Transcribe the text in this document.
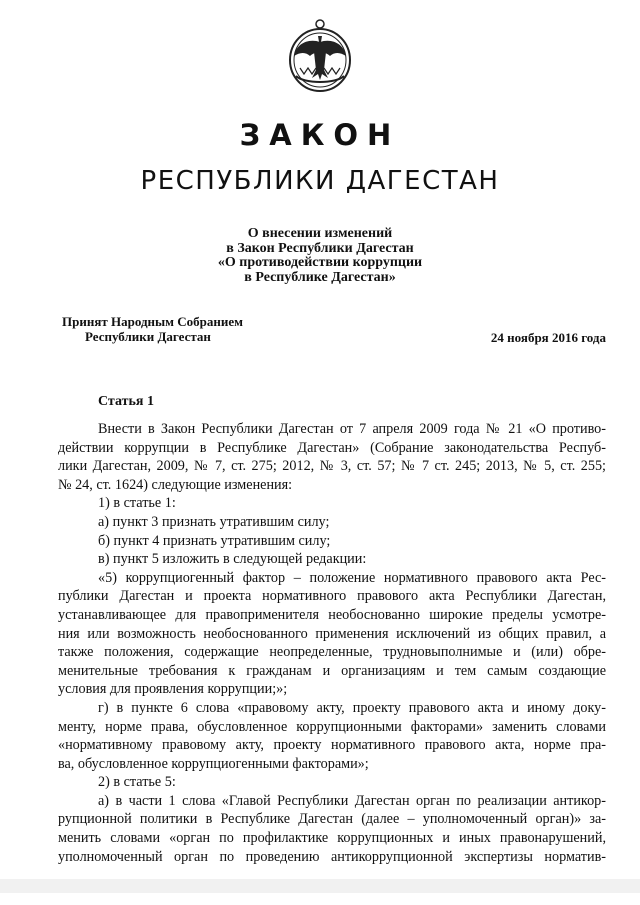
ЗАКОН
РЕСПУБЛИКИ ДАГЕСТАН
О внесении изменений
в Закон Республики Дагестан
«О противодействии коррупции
в Республике Дагестан»
Принят Народным Собранием
Республики Дагестан	24 ноября 2016 года
Статья 1

Внести в Закон Республики Дагестан от 7 апреля 2009 года № 21 «О противо-

действии коррупции в Республике Дагестан» (Собрание законодательства Респуб-

лики Дагестан, 2009, № 7, ст. 275; 2012, № 3, ст. 57; № 7 ст. 245; 2013, № 5, ст. 255;

№ 24, ст. 1624) следующие изменения:

1) в статье 1:

а) пункт 3 признать утратившим силу;

б) пункт 4 признать утратившим силу;

в) пункт 5 изложить в следующей редакции:

«5) коррупциогенный фактор – положение нормативного правового акта Рес-

публики Дагестан и проекта нормативного правового акта Республики Дагестан,

устанавливающее для правоприменителя необоснованно широкие пределы усмотре-

ния или возможность необоснованного применения исключений из общих правил, а

также положения, содержащие неопределенные, трудновыполнимые и (или) обре-

менительные требования к гражданам и организациям и тем самым создающие

условия для проявления коррупции;»;

г) в пункте 6 слова «правовому акту, проекту правового акта и иному доку-

менту, норме права, обусловленное коррупционными факторами» заменить словами

«нормативному правовому акту, проекту нормативного правового акта, норме пра-

ва, обусловленное коррупциогенными факторами»;

2) в статье 5:

а) в части 1 слова «Главой Республики Дагестан орган по реализации антикор-

рупционной политики в Республике Дагестан (далее – уполномоченный орган)» за-

менить словами «орган по профилактике коррупционных и иных правонарушений,

уполномоченный орган по проведению антикоррупционной экспертизы норматив-
